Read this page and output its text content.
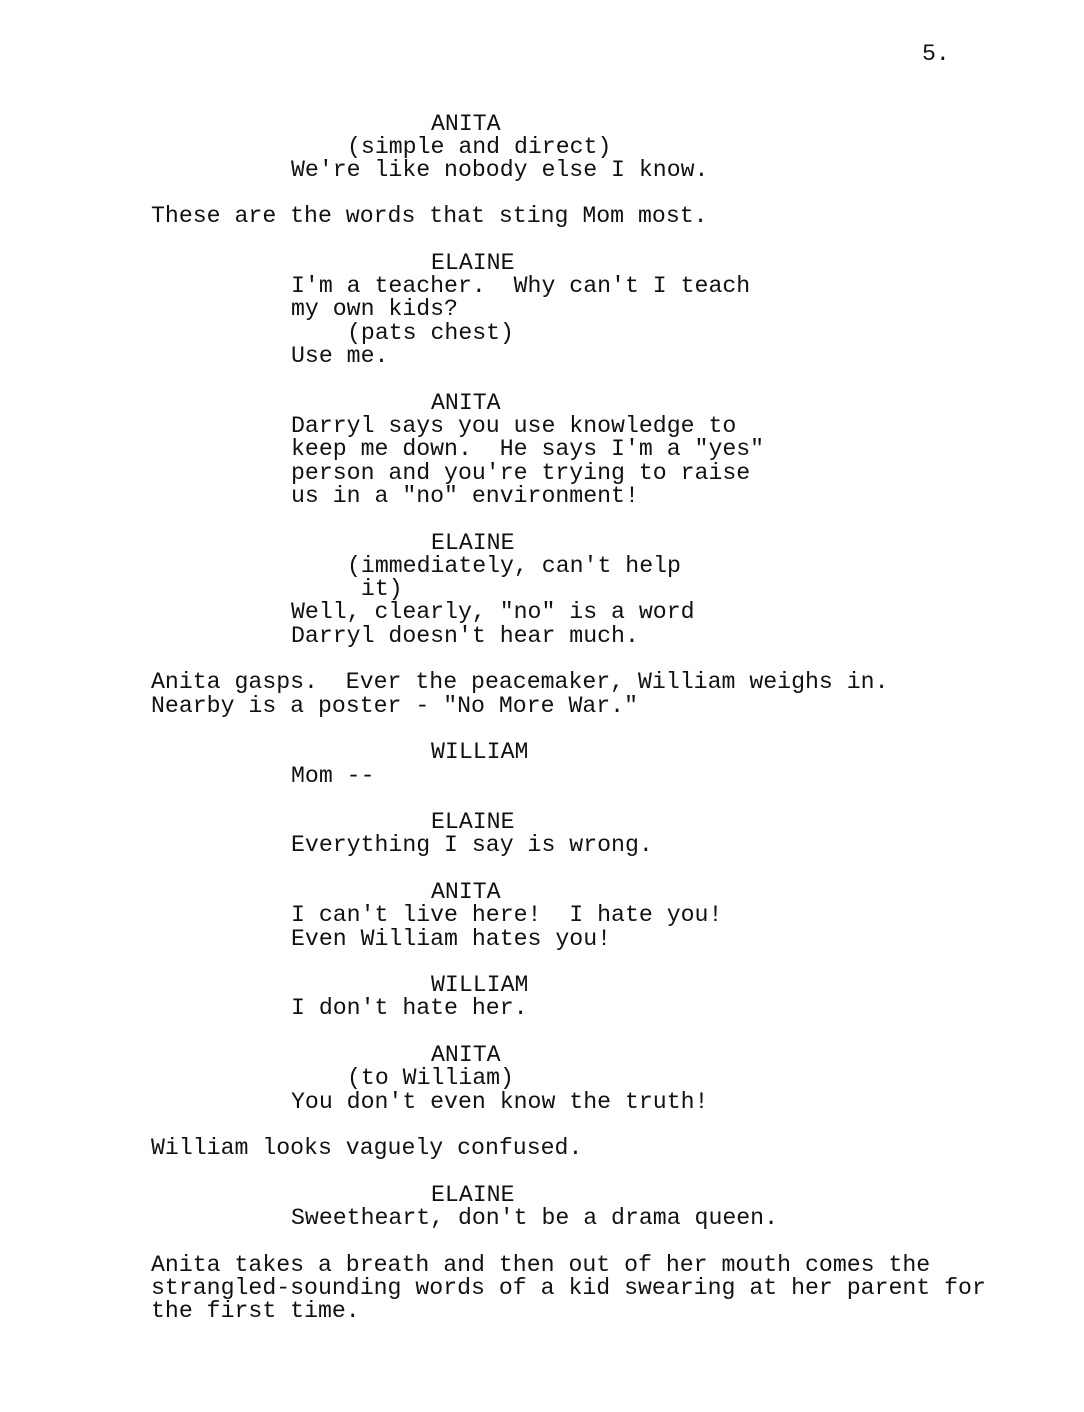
5.
ANITA
(simple and direct)
We're like nobody else I know.
These are the words that sting Mom most.
ELAINE
I'm a teacher.  Why can't I teach
my own kids?
(pats chest)
Use me.
ANITA
Darryl says you use knowledge to
keep me down.  He says I'm a "yes"
person and you're trying to raise
us in a "no" environment!
ELAINE
(immediately, can't help
it)
Well, clearly, "no" is a word
Darryl doesn't hear much.
Anita gasps.  Ever the peacemaker, William weighs in.
Nearby is a poster - "No More War."
WILLIAM
Mom --
ELAINE
Everything I say is wrong.
ANITA
I can't live here!  I hate you!
Even William hates you!
WILLIAM
I don't hate her.
ANITA
(to William)
You don't even know the truth!
William looks vaguely confused.
ELAINE
Sweetheart, don't be a drama queen.
Anita takes a breath and then out of her mouth comes the
strangled-sounding words of a kid swearing at her parent for
the first time.
